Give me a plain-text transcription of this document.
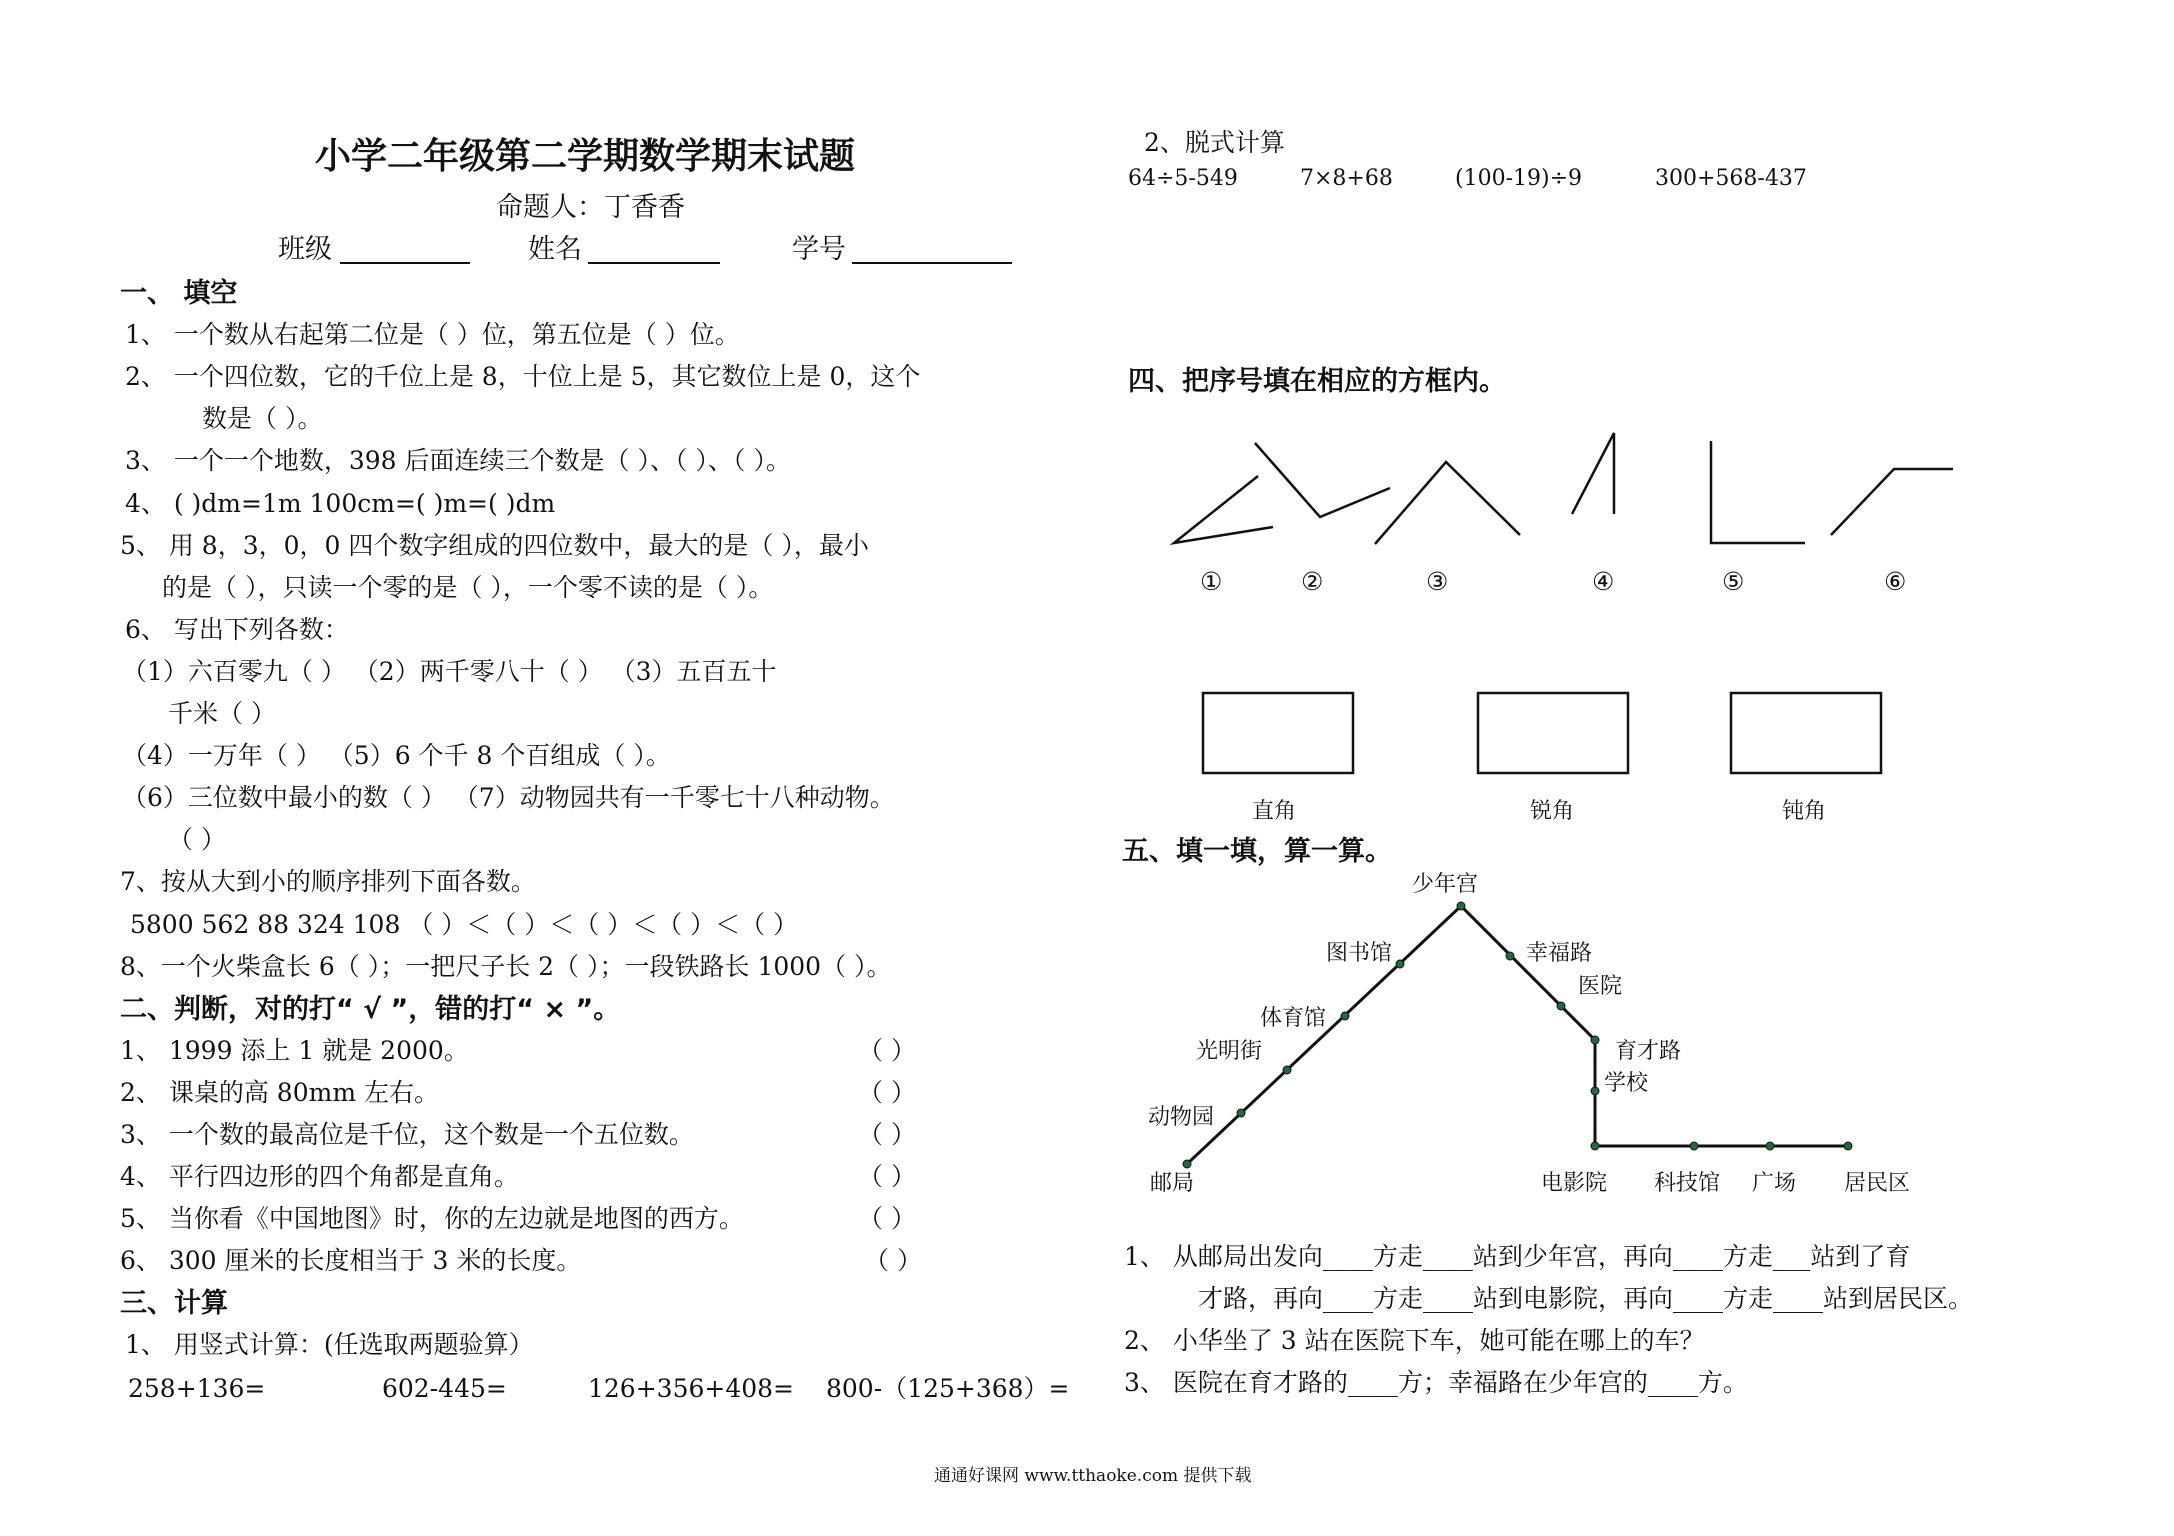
小学二年级第二学期数学期末试题
命题人：丁香香
班级	姓名	学号
一、 填空
1、 一个数从右起第二位是（ ）位，第五位是（ ）位。
2、 一个四位数，它的千位上是 8，十位上是 5，其它数位上是 0，这个
数是（ ）。
3、 一个一个地数，398 后面连续三个数是（ ）、（ ）、（ ）。
4、 ( )dm=1m 100cm=( )m=( )dm
5、 用 8，3，0，0 四个数字组成的四位数中，最大的是（ ），最小
的是（ ），只读一个零的是（ ），一个零不读的是（ ）。
6、 写出下列各数：
（1）六百零九（ ） （2）两千零八十（ ） （3）五百五十
千米（ ）
（4）一万年（ ） （5）6 个千 8 个百组成（ ）。
（6）三位数中最小的数（ ） （7）动物园共有一千零七十八种动物。
（ ）
7、按从大到小的顺序排列下面各数。
5800 562 88 324 108 （ ）＜（ ）＜（ ）＜（ ）＜（ ）
8、一个火柴盒长 6（ ）；一把尺子长 2（ ）；一段铁路长 1000（ ）。
二、判断，对的打“ √ ”，错的打“ × ”。
1、 1999 添上 1 就是 2000。	（ ）
2、 课桌的高 80mm 左右。	（ ）
3、 一个数的最高位是千位，这个数是一个五位数。	（ ）
4、 平行四边形的四个角都是直角。	（ ）
5、 当你看《中国地图》时，你的左边就是地图的西方。	（ ）
6、 300 厘米的长度相当于 3 米的长度。	（ ）
三、计算
1、 用竖式计算：(任选取两题验算）
258+136=	602-445=	126+356+408= 800-（125+368）=
2、脱式计算
64÷5-549	7×8+68	(100-19)÷9	300+568-437
四、把序号填在相应的方框内。
①	②	③	④	⑤	⑥
直角	锐角	钝角
五、填一填，算一算。
少年宫
图书馆	幸福路
医院
体育馆
光明街	育才路
学校
动物园
邮局	电影院 科技馆 广场 居民区
1、 从邮局出发向____方走____站到少年宫，再向____方走___站到了育
才路，再向____方走____站到电影院，再向____方走____站到居民区。
2、 小华坐了 3 站在医院下车，她可能在哪上的车？
3、 医院在育才路的____方；幸福路在少年宫的____方。
通通好课网 www.tthaoke.com 提供下载
